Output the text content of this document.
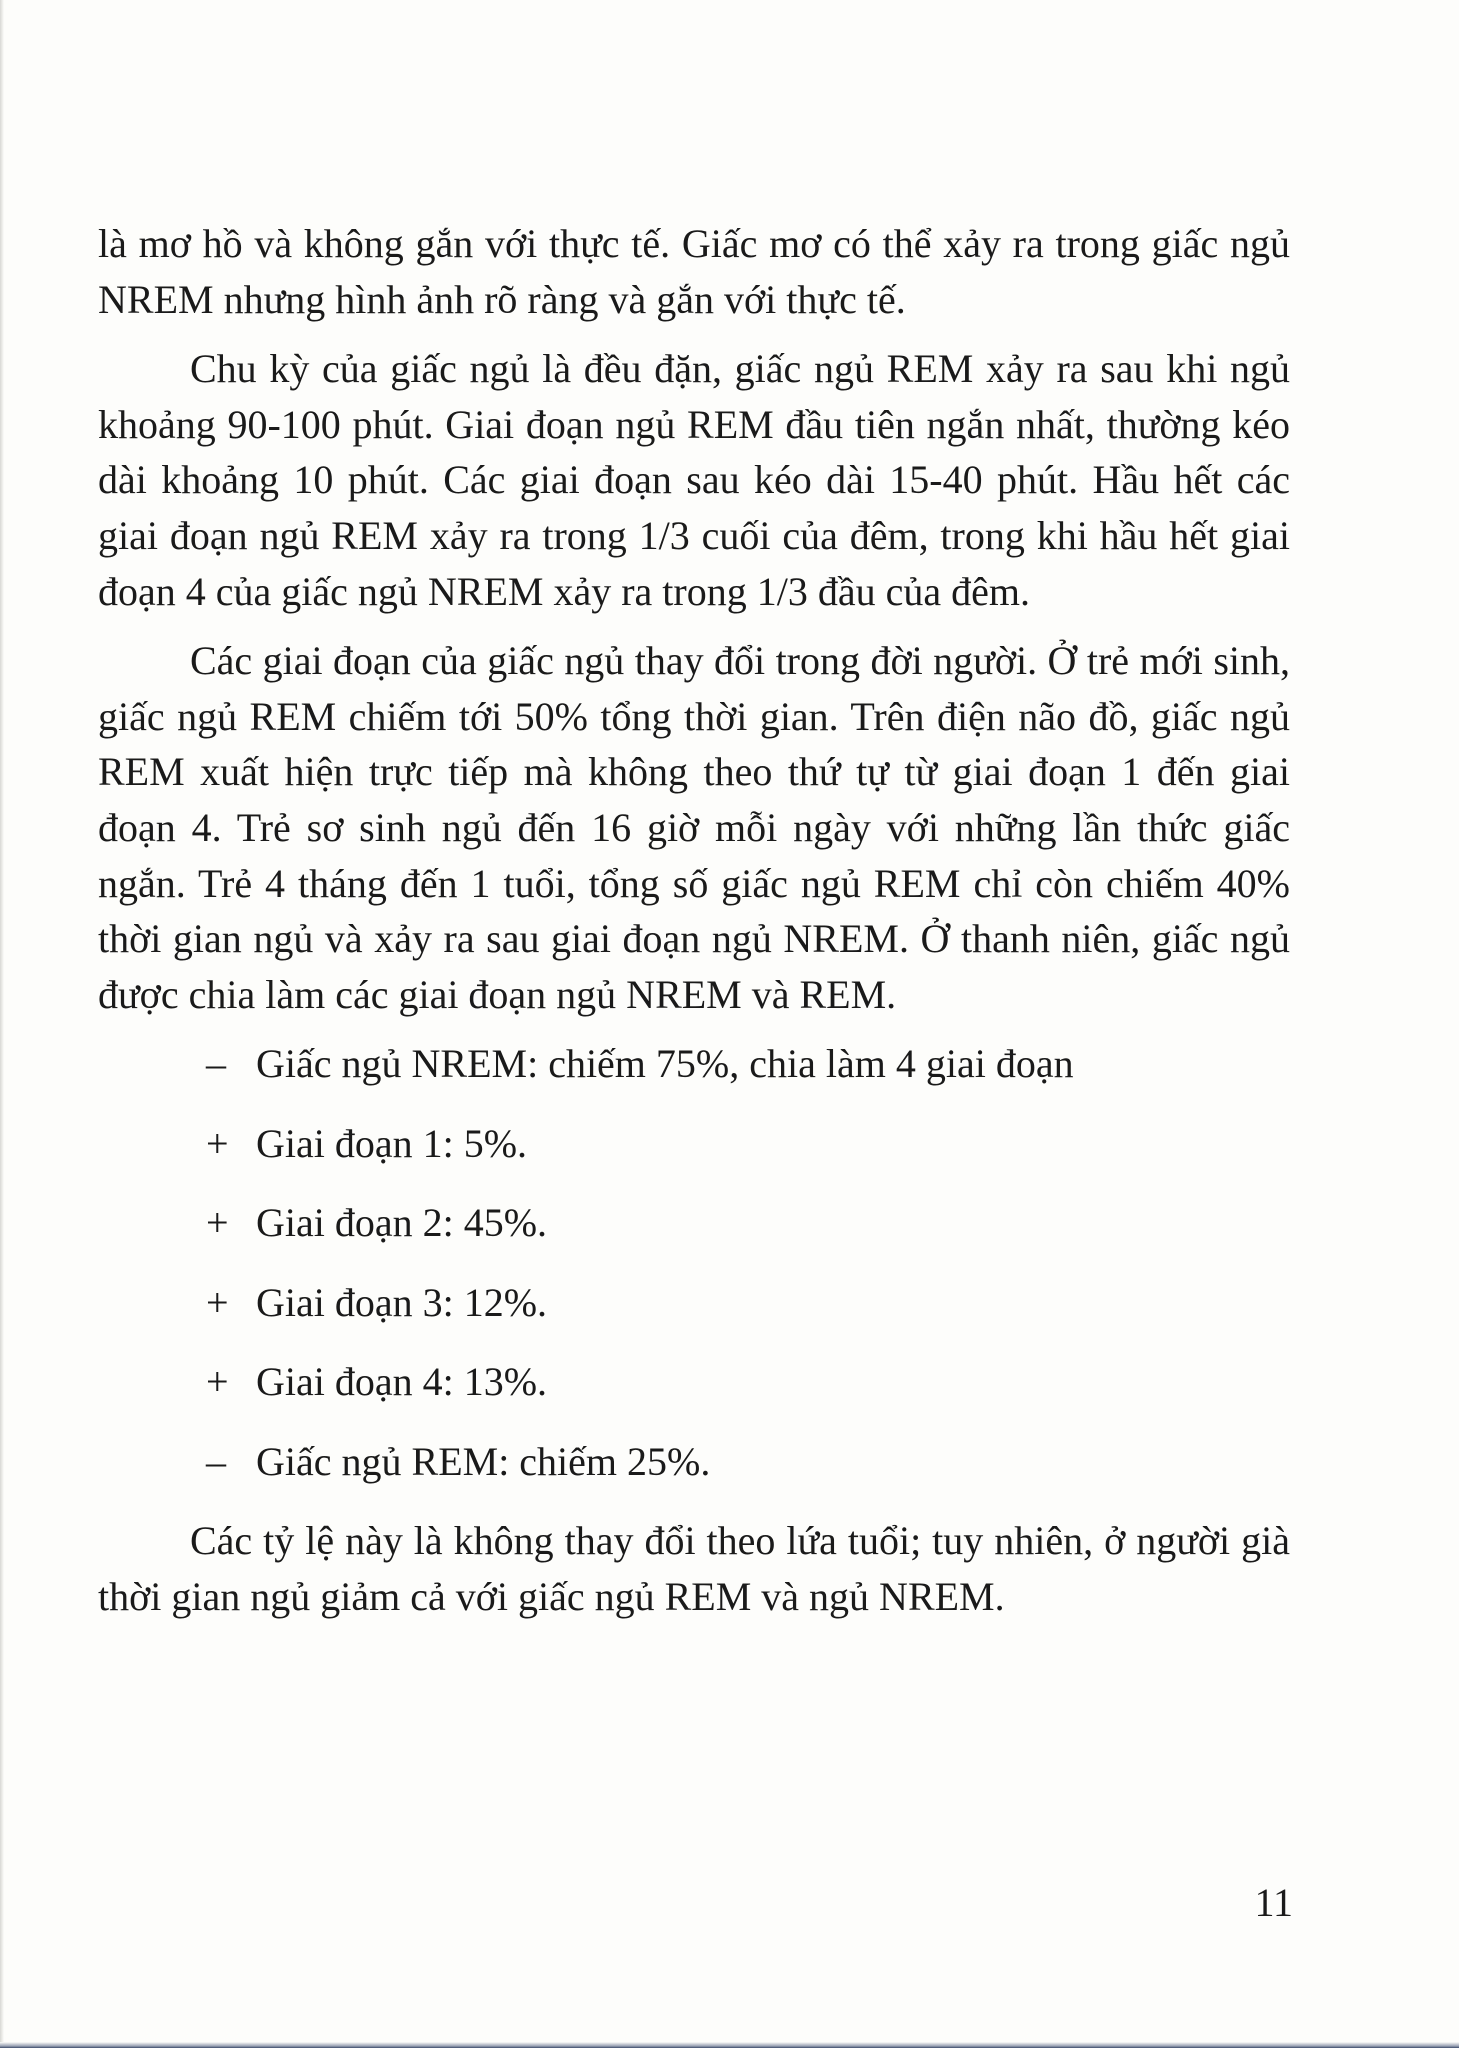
là mơ hồ và không gắn với thực tế. Giấc mơ có thể xảy ra trong giấc ngủ NREM nhưng hình ảnh rõ ràng và gắn với thực tế.

Chu kỳ của giấc ngủ là đều đặn, giấc ngủ REM xảy ra sau khi ngủ khoảng 90-100 phút. Giai đoạn ngủ REM đầu tiên ngắn nhất, thường kéo dài khoảng 10 phút. Các giai đoạn sau kéo dài 15-40 phút. Hầu hết các giai đoạn ngủ REM xảy ra trong 1/3 cuối của đêm, trong khi hầu hết giai đoạn 4 của giấc ngủ NREM xảy ra trong 1/3 đầu của đêm.

Các giai đoạn của giấc ngủ thay đổi trong đời người. Ở trẻ mới sinh, giấc ngủ REM chiếm tới 50% tổng thời gian. Trên điện não đồ, giấc ngủ REM xuất hiện trực tiếp mà không theo thứ tự từ giai đoạn 1 đến giai đoạn 4. Trẻ sơ sinh ngủ đến 16 giờ mỗi ngày với những lần thức giấc ngắn. Trẻ 4 tháng đến 1 tuổi, tổng số giấc ngủ REM chỉ còn chiếm 40% thời gian ngủ và xảy ra sau giai đoạn ngủ NREM. Ở thanh niên, giấc ngủ được chia làm các giai đoạn ngủ NREM và REM.

– Giấc ngủ NREM: chiếm 75%, chia làm 4 giai đoạn
+ Giai đoạn 1: 5%.
+ Giai đoạn 2: 45%.
+ Giai đoạn 3: 12%.
+ Giai đoạn 4: 13%.
– Giấc ngủ REM: chiếm 25%.

Các tỷ lệ này là không thay đổi theo lứa tuổi; tuy nhiên, ở người già thời gian ngủ giảm cả với giấc ngủ REM và ngủ NREM.

11
